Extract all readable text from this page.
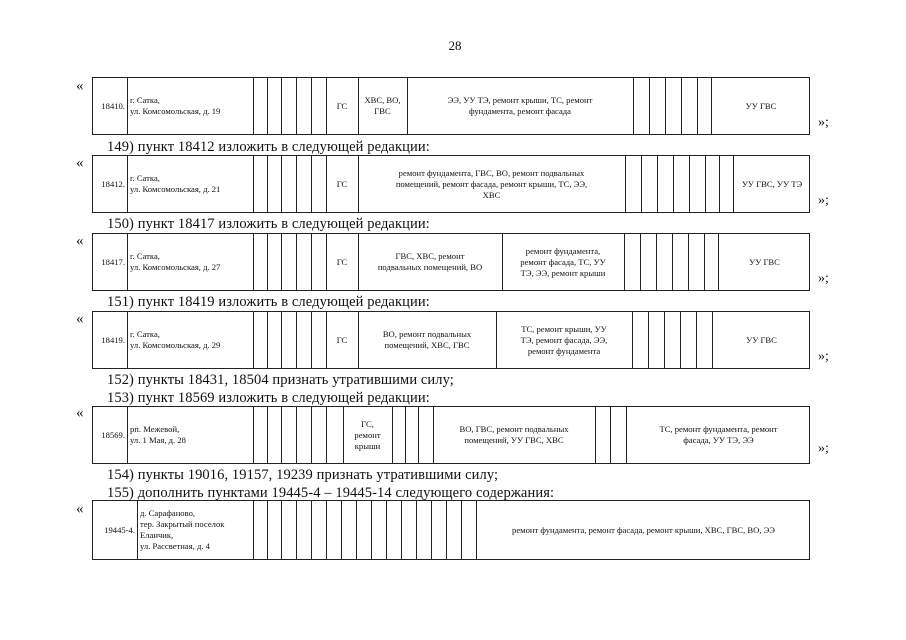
28
«
18410.
г. Сатка,
ул. Комсомольская, д. 19
ГС
ХВС, ВО,
ГВС
ЭЭ, УУ ТЭ, ремонт крыши, ТС, ремонт
фундамента, ремонт фасада
УУ ГВС
»;
149) пункт 18412 изложить в следующей редакции:
«
18412.
г. Сатка,
ул. Комсомольская, д. 21
ГС
ремонт фундамента, ГВС, ВО, ремонт подвальных
помещений, ремонт фасада, ремонт крыши, ТС, ЭЭ,
ХВС
УУ ГВС, УУ ТЭ
»;
150) пункт 18417 изложить в следующей редакции:
«
18417.
г. Сатка,
ул. Комсомольская, д. 27
ГС
ГВС, ХВС, ремонт
подвальных помещений, ВО
ремонт фундамента,
ремонт фасада, ТС, УУ
ТЭ, ЭЭ, ремонт крыши
УУ ГВС
»;
151) пункт 18419 изложить в следующей редакции:
«
18419.
г. Сатка,
ул. Комсомольская, д. 29
ГС
ВО, ремонт подвальных
помещений, ХВС, ГВС
ТС, ремонт крыши, УУ
ТЭ, ремонт фасада, ЭЭ,
ремонт фундамента
УУ ГВС
»;
152) пункты 18431, 18504 признать утратившими силу;
153) пункт 18569 изложить в следующей редакции:
«
18569.
рп. Межевой,
ул. 1 Мая, д. 28
ГС,
ремонт
крыши
ВО, ГВС, ремонт подвальных
помещений, УУ ГВС, ХВС
ТС, ремонт фундамента, ремонт
фасада, УУ ТЭ, ЭЭ
»;
154) пункты 19016, 19157, 19239 признать утратившими силу;
155) дополнить пунктами 19445-4 – 19445-14 следующего содержания:
«
19445-4.
д. Сарафаново,
тер. Закрытый поселок
Еланчик,
ул. Рассветная, д. 4
ремонт фундамента, ремонт фасада, ремонт крыши, ХВС, ГВС, ВО, ЭЭ
